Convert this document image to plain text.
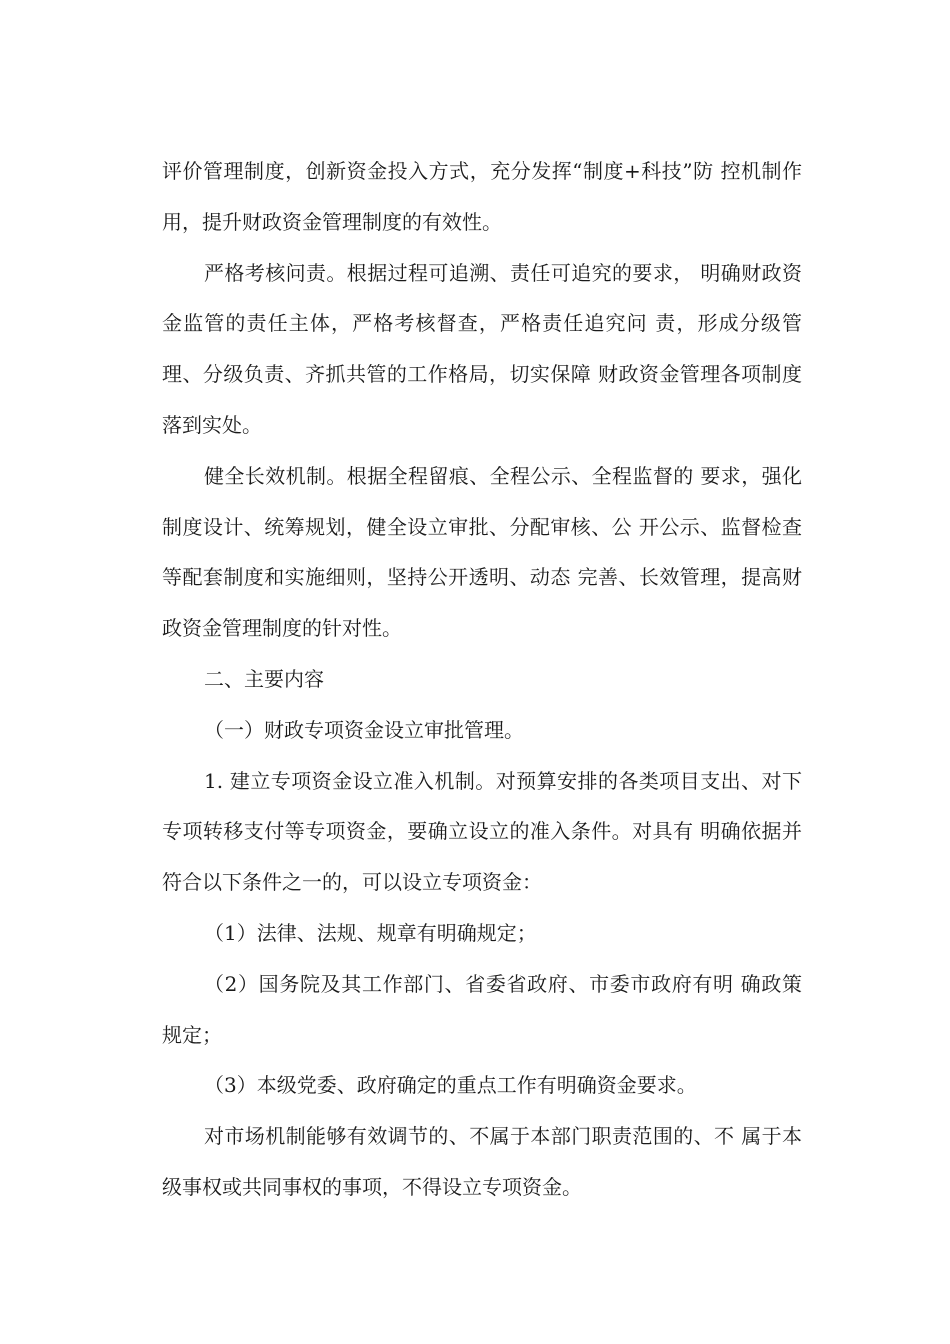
评价管理制度，创新资金投入方式，充分发挥“制度+科技”防 控机制作用，提升财政资金管理制度的有效性。

严格考核问责。根据过程可追溯、责任可追究的要求， 明确财政资金监管的责任主体，严格考核督查，严格责任追究问 责，形成分级管理、分级负责、齐抓共管的工作格局，切实保障 财政资金管理各项制度落到实处。

健全长效机制。根据全程留痕、全程公示、全程监督的 要求，强化制度设计、统筹规划，健全设立审批、分配审核、公 开公示、监督检查等配套制度和实施细则，坚持公开透明、动态 完善、长效管理，提高财政资金管理制度的针对性。

二、主要内容

（一）财政专项资金设立审批管理。

1. 建立专项资金设立准入机制。对预算安排的各类项目支出、对下专项转移支付等专项资金，要确立设立的准入条件。对具有 明确依据并符合以下条件之一的，可以设立专项资金：

（1）法律、法规、规章有明确规定；

（2）国务院及其工作部门、省委省政府、市委市政府有明 确政策规定；

（3）本级党委、政府确定的重点工作有明确资金要求。

对市场机制能够有效调节的、不属于本部门职责范围的、不 属于本级事权或共同事权的事项，不得设立专项资金。
